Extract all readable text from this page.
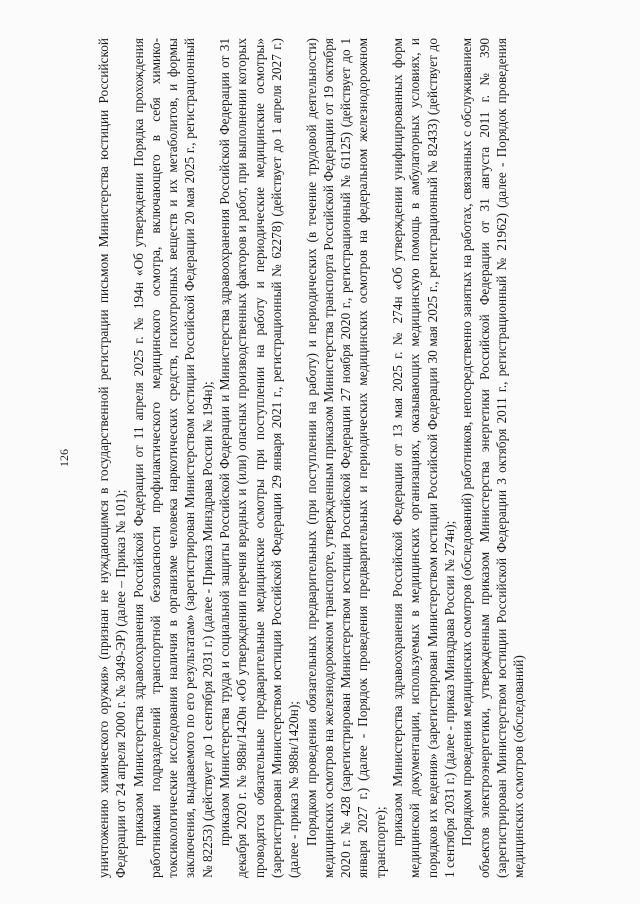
126 уничтожению химического оружия» (признан не нуждающимся в государственной регистрации письмом Министерства юстиции Российской Федерации от 24 апреля 2000 г. № 3049-ЭР) (далее – Приказ № 101); приказом Министерства здравоохранения Российской Федерации от 11 апреля 2025 г. № 194н «Об утверждении Порядка прохождения работниками подразделений транспортной безопасности профилактического медицинского осмотра, включающего в себя химико-токсикологические исследования наличия в организме человека наркотических средств, психотропных веществ и их метаболитов, и формы заключения, выдаваемого по его результатам» (зарегистрирован Министерством юстиции Российской Федерации 20 мая 2025 г., регистрационный № 82253) (действует до 1 сентября 2031 г.) (далее - Приказ Минздрава России № 194н); приказом Министерства труда и социальной защиты Российской Федерации и Министерства здравоохранения Российской Федерации от 31 декабря 2020 г. № 988н/1420н «Об утверждении перечня вредных и (или) опасных производственных факторов и работ, при выполнении которых проводятся обязательные предварительные медицинские осмотры при поступлении на работу и периодические медицинские осмотры» (зарегистрирован Министерством юстиции Российской Федерации 29 января 2021 г., регистрационный № 62278) (действует до 1 апреля 2027 г.) (далее - приказ № 988н/1420н); Порядком проведения обязательных предварительных (при поступлении на работу) и периодических (в течение трудовой деятельности) медицинских осмотров на железнодорожном транспорте, утвержденным приказом Министерства транспорта Российской Федерации от 19 октября 2020 г. № 428 (зарегистрирован Министерством юстиции Российской Федерации 27 ноября 2020 г., регистрационный № 61125) (действует до 1 января 2027 г.) (далее - Порядок проведения предварительных и периодических медицинских осмотров на федеральном железнодорожном транспорте); приказом Министерства здравоохранения Российской Федерации от 13 мая 2025 г. № 274н «Об утверждении унифицированных форм медицинской документации, используемых в медицинских организациях, оказывающих медицинскую помощь в амбулаторных условиях, и порядков их ведения» (зарегистрирован Министерством юстиции Российской Федерации 30 мая 2025 г., регистрационный № 82433) (действует до 1 сентября 2031 г.) (далее - приказ Минздрава России № 274н); Порядком проведения медицинских осмотров (обследований) работников, непосредственно занятых на работах, связанных с обслуживанием объектов электроэнергетики, утвержденным приказом Министерства энергетики Российской Федерации от 31 августа 2011 г. № 390 (зарегистрирован Министерством юстиции Российской Федерации 3 октября 2011 г., регистрационный № 21962) (далее - Порядок проведения медицинских осмотров (обследований)
